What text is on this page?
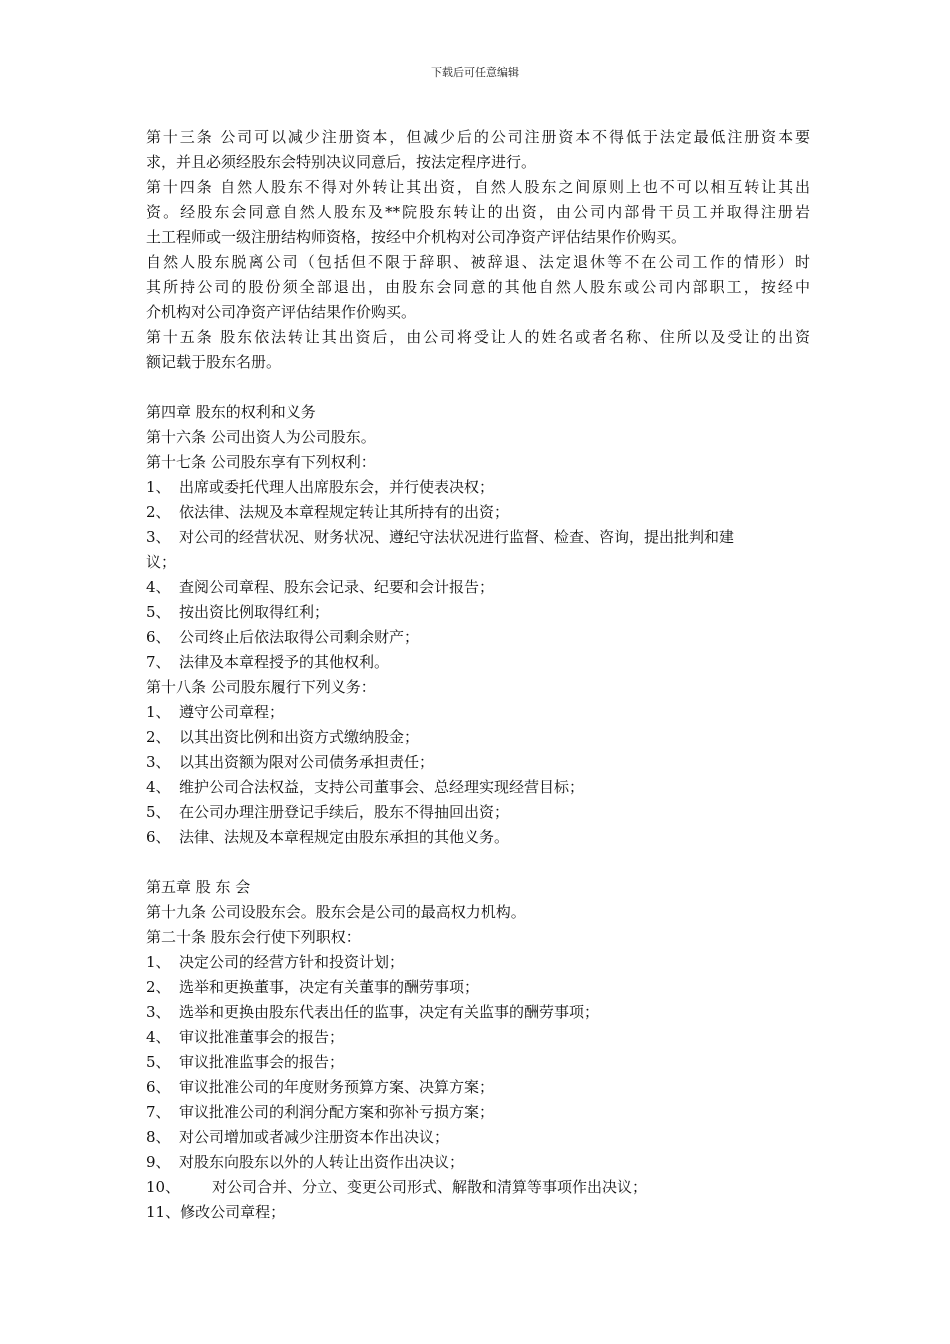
下载后可任意编辑
第十三条 公司可以减少注册资本，但减少后的公司注册资本不得低于法定最低注册资本要
求，并且必须经股东会特别决议同意后，按法定程序进行。
第十四条 自然人股东不得对外转让其出资，自然人股东之间原则上也不可以相互转让其出
资。经股东会同意自然人股东及**院股东转让的出资，由公司内部骨干员工并取得注册岩
土工程师或一级注册结构师资格，按经中介机构对公司净资产评估结果作价购买。
自然人股东脱离公司（包括但不限于辞职、被辞退、法定退休等不在公司工作的情形）时
其所持公司的股份须全部退出，由股东会同意的其他自然人股东或公司内部职工，按经中
介机构对公司净资产评估结果作价购买。
第十五条 股东依法转让其出资后，由公司将受让人的姓名或者名称、住所以及受让的出资
额记载于股东名册。
第四章 股东的权利和义务
第十六条 公司出资人为公司股东。
第十七条 公司股东享有下列权利：
1、 出席或委托代理人出席股东会，并行使表决权；
2、 依法律、法规及本章程规定转让其所持有的出资；
3、 对公司的经营状况、财务状况、遵纪守法状况进行监督、检查、咨询，提出批判和建
议；
4、 查阅公司章程、股东会记录、纪要和会计报告；
5、 按出资比例取得红利；
6、 公司终止后依法取得公司剩余财产；
7、 法律及本章程授予的其他权利。
第十八条 公司股东履行下列义务：
1、 遵守公司章程；
2、 以其出资比例和出资方式缴纳股金；
3、 以其出资额为限对公司债务承担责任；
4、 维护公司合法权益，支持公司董事会、总经理实现经营目标；
5、 在公司办理注册登记手续后，股东不得抽回出资；
6、 法律、法规及本章程规定由股东承担的其他义务。
第五章 股 东 会
第十九条 公司设股东会。股东会是公司的最高权力机构。
第二十条 股东会行使下列职权：
1、 决定公司的经营方针和投资计划；
2、 选举和更换董事，决定有关董事的酬劳事项；
3、 选举和更换由股东代表出任的监事，决定有关监事的酬劳事项；
4、 审议批准董事会的报告；
5、 审议批准监事会的报告；
6、 审议批准公司的年度财务预算方案、决算方案；
7、 审议批准公司的利润分配方案和弥补亏损方案；
8、 对公司增加或者减少注册资本作出决议；
9、 对股东向股东以外的人转让出资作出决议；
10、 对公司合并、分立、变更公司形式、解散和清算等事项作出决议；
11、修改公司章程；
